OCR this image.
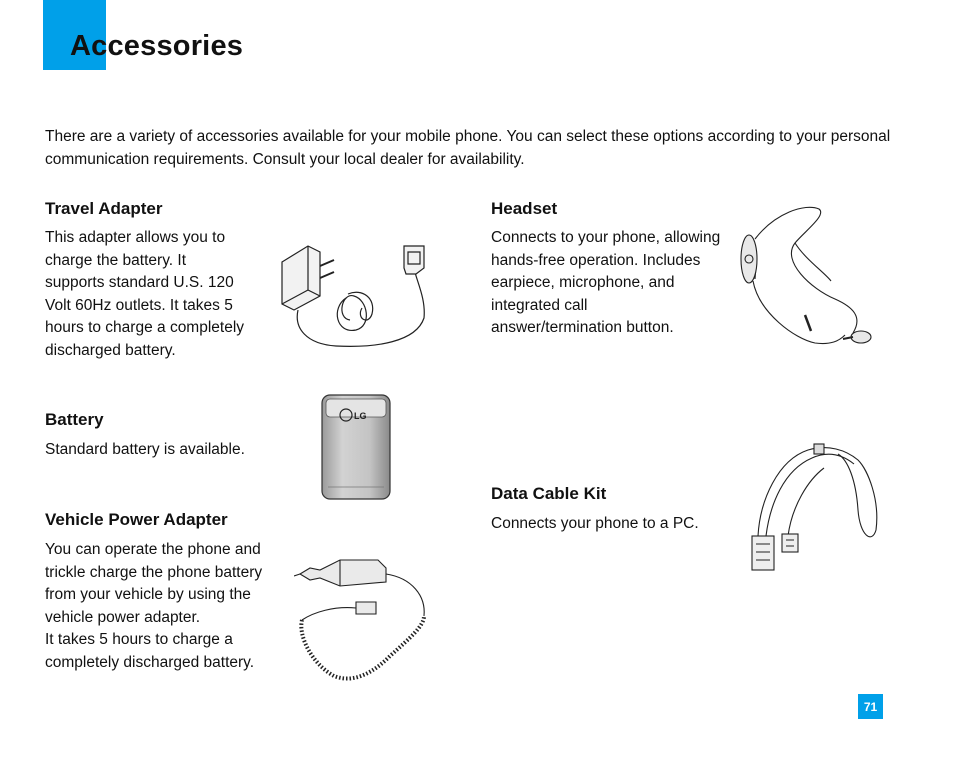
Accessories

There are a variety of accessories available for your mobile phone. You can select these options according to your personal communication requirements. Consult your local dealer for availability.

Travel Adapter
This adapter allows you to
charge the battery. It
supports standard U.S. 120
Volt 60Hz outlets. It takes 5
hours to charge a completely
discharged battery.
Headset
Connects to your phone, allowing
hands-free operation. Includes
earpiece, microphone, and
integrated call
answer/termination button.
Battery
Standard battery is available.
LG
Data Cable Kit
Connects your phone to a PC.
Vehicle Power Adapter
You can operate the phone and
trickle charge the phone battery
from your vehicle by using the
vehicle power adapter.
It takes 5 hours to charge a
completely discharged battery.
71
